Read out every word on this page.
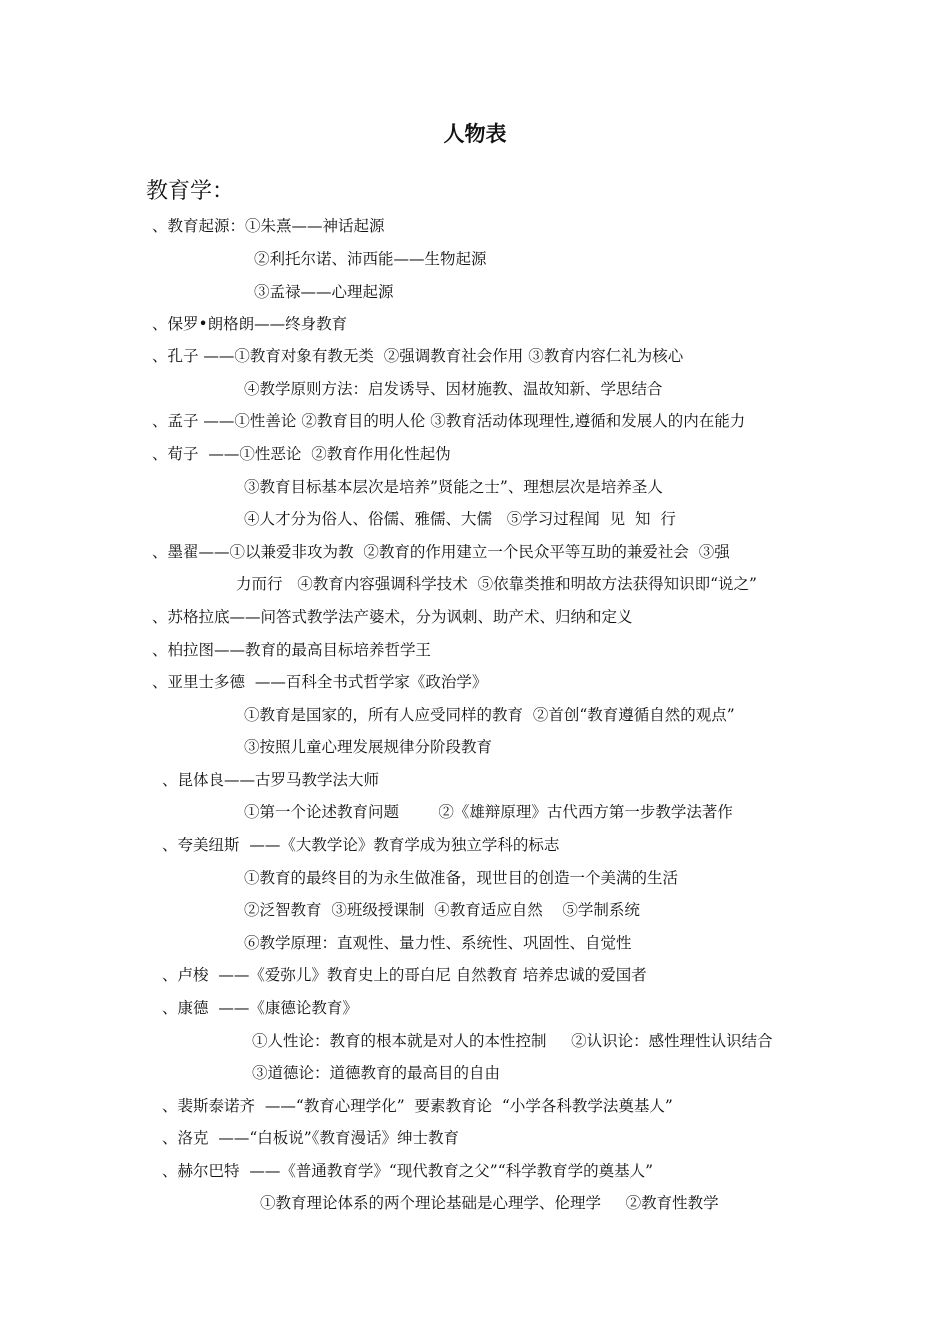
人物表
教育学：
、教育起源：①朱熹——神话起源
②利托尔诺、沛西能——生物起源
③孟禄——心理起源
、保罗•朗格朗——终身教育
、孔子 ——①教育对象有教无类  ②强调教育社会作用 ③教育内容仁礼为核心
④教学原则方法：启发诱导、因材施教、温故知新、学思结合
、孟子 ——①性善论 ②教育目的明人伦 ③教育活动体现理性,遵循和发展人的内在能力
、荀子  ——①性恶论  ②教育作用化性起伪
③教育目标基本层次是培养”贤能之士”、理想层次是培养圣人
④人才分为俗人、俗儒、雅儒、大儒   ⑤学习过程闻  见  知  行
、墨翟——①以兼爱非攻为教  ②教育的作用建立一个民众平等互助的兼爱社会  ③强
力而行   ④教育内容强调科学技术  ⑤依靠类推和明故方法获得知识即“说之”
、苏格拉底——问答式教学法产婆术，分为讽刺、助产术、归纳和定义
、柏拉图——教育的最高目标培养哲学王
、亚里士多德  ——百科全书式哲学家《政治学》
①教育是国家的，所有人应受同样的教育  ②首创“教育遵循自然的观点”
③按照儿童心理发展规律分阶段教育
、昆体良——古罗马教学法大师
①第一个论述教育问题        ②《雄辩原理》古代西方第一步教学法著作
、夸美纽斯  ——《大教学论》教育学成为独立学科的标志
①教育的最终目的为永生做准备，现世目的创造一个美满的生活
②泛智教育  ③班级授课制  ④教育适应自然    ⑤学制系统
⑥教学原理：直观性、量力性、系统性、巩固性、自觉性
、卢梭  ——《爱弥儿》教育史上的哥白尼 自然教育 培养忠诚的爱国者
、康德  ——《康德论教育》
①人性论：教育的根本就是对人的本性控制     ②认识论：感性理性认识结合
③道德论：道德教育的最高目的自由
、裴斯泰诺齐  ——“教育心理学化”  要素教育论  “小学各科教学法奠基人”
、洛克  ——“白板说”《教育漫话》绅士教育
、赫尔巴特  ——《普通教育学》“现代教育之父”“科学教育学的奠基人”
①教育理论体系的两个理论基础是心理学、伦理学     ②教育性教学
